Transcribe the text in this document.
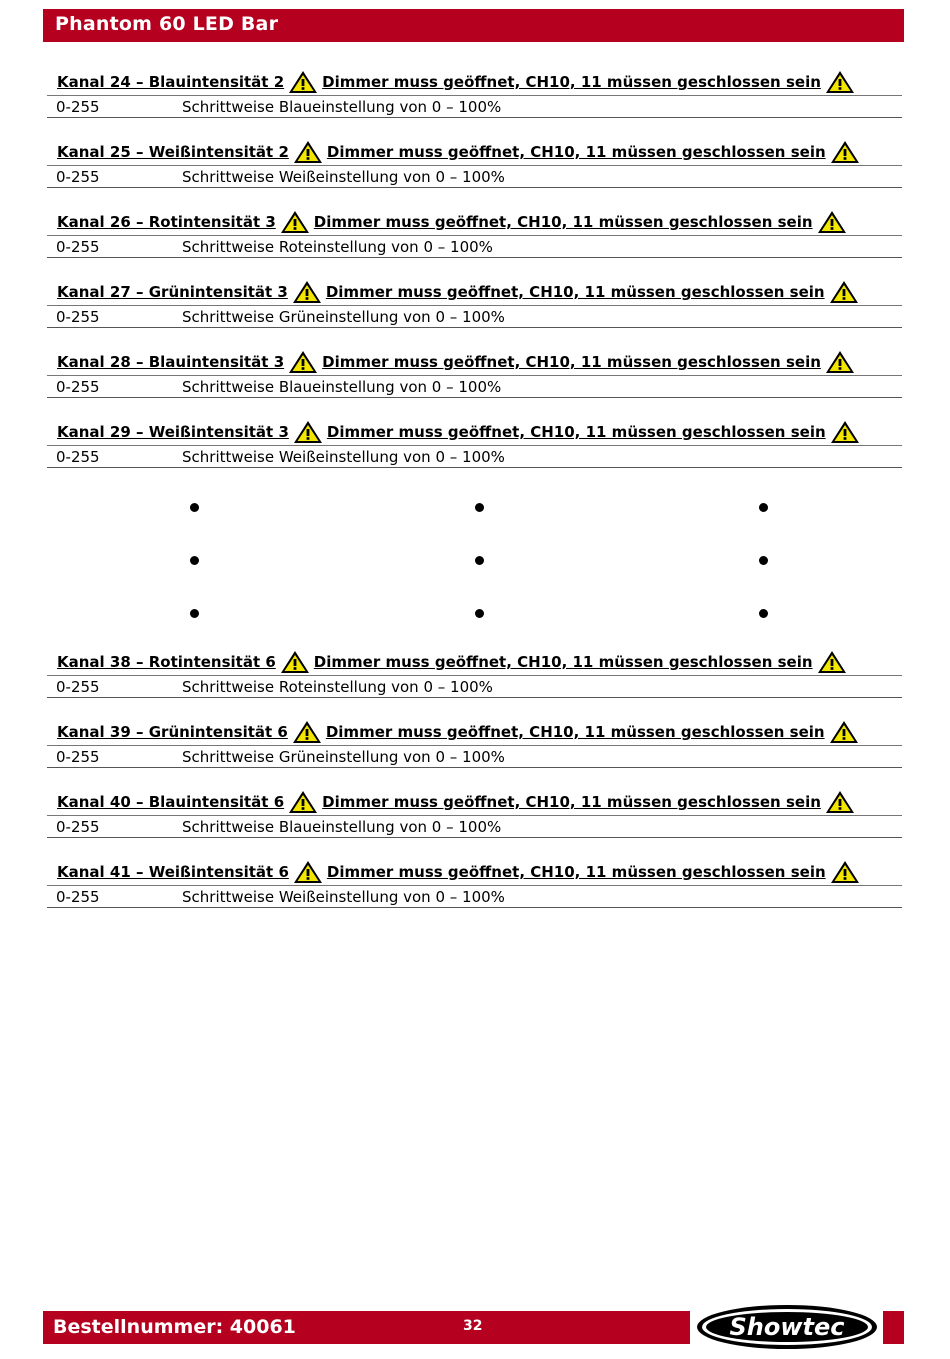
Phantom 60 LED Bar
Kanal 24 – Blauintensität 2	Dimmer muss geöffnet, CH10, 11 müssen geschlossen sein
0-255	Schrittweise Blaueinstellung von 0 – 100%
Kanal 25 – Weißintensität 2	Dimmer muss geöffnet, CH10, 11 müssen geschlossen sein
0-255	Schrittweise Weißeinstellung von 0 – 100%
Kanal 26 – Rotintensität 3	Dimmer muss geöffnet, CH10, 11 müssen geschlossen sein
0-255	Schrittweise Roteinstellung von 0 – 100%
Kanal 27 – Grünintensität 3	Dimmer muss geöffnet, CH10, 11 müssen geschlossen sein
0-255	Schrittweise Grüneinstellung von 0 – 100%
Kanal 28 – Blauintensität 3	Dimmer muss geöffnet, CH10, 11 müssen geschlossen sein
0-255	Schrittweise Blaueinstellung von 0 – 100%
Kanal 29 – Weißintensität 3	Dimmer muss geöffnet, CH10, 11 müssen geschlossen sein
0-255	Schrittweise Weißeinstellung von 0 – 100%
Kanal 38 – Rotintensität 6	Dimmer muss geöffnet, CH10, 11 müssen geschlossen sein
0-255	Schrittweise Roteinstellung von 0 – 100%
Kanal 39 – Grünintensität 6	Dimmer muss geöffnet, CH10, 11 müssen geschlossen sein
0-255	Schrittweise Grüneinstellung von 0 – 100%
Kanal 40 – Blauintensität 6	Dimmer muss geöffnet, CH10, 11 müssen geschlossen sein
0-255	Schrittweise Blaueinstellung von 0 – 100%
Kanal 41 – Weißintensität 6	Dimmer muss geöffnet, CH10, 11 müssen geschlossen sein
0-255	Schrittweise Weißeinstellung von 0 – 100%
Bestellnummer: 40061	32	Showtec
